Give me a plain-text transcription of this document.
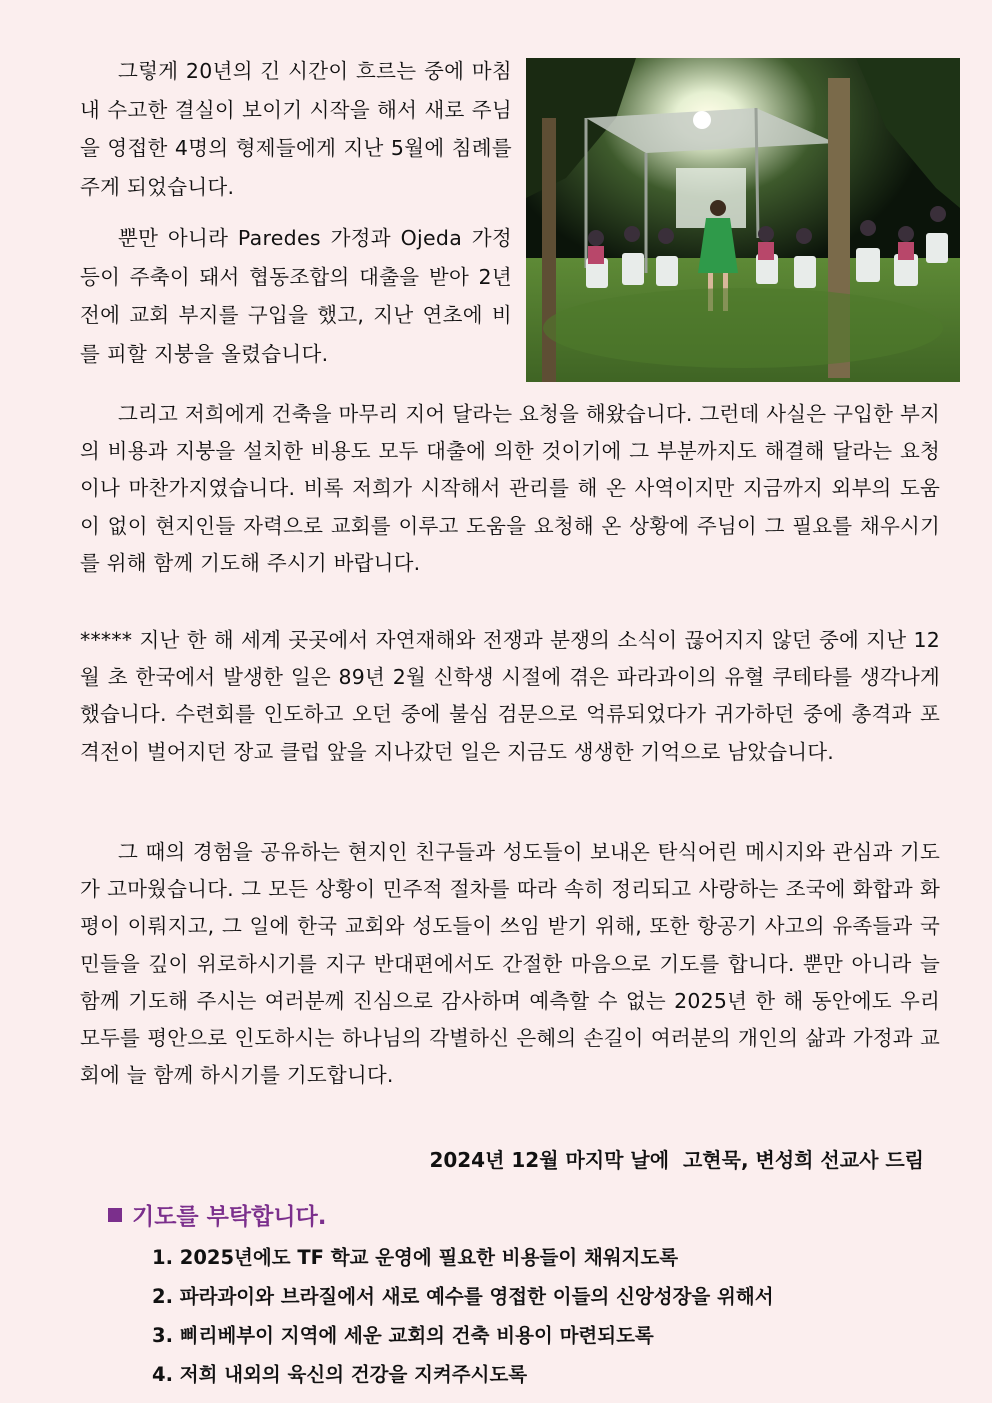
그렇게 20년의 긴 시간이 흐르는 중에 마침내 수고한 결실이 보이기 시작을 해서 새로 주님을 영접한 4명의 형제들에게 지난 5월에 침례를 주게 되었습니다.

뿐만 아니라 Paredes 가정과 Ojeda 가정 등이 주축이 돼서 협동조합의 대출을 받아 2년 전에 교회 부지를 구입을 했고, 지난 연초에 비를 피할 지붕을 올렸습니다.

그리고 저희에게 건축을 마무리 지어 달라는 요청을 해왔습니다. 그런데 사실은 구입한 부지의 비용과 지붕을 설치한 비용도 모두 대출에 의한 것이기에 그 부분까지도 해결해 달라는 요청이나 마찬가지였습니다. 비록 저희가 시작해서 관리를 해 온 사역이지만 지금까지 외부의 도움이 없이 현지인들 자력으로 교회를 이루고 도움을 요청해 온 상황에 주님이 그 필요를 채우시기를 위해 함께 기도해 주시기 바랍니다.

***** 지난 한 해 세계 곳곳에서 자연재해와 전쟁과 분쟁의 소식이 끊어지지 않던 중에 지난 12월 초 한국에서 발생한 일은 89년 2월 신학생 시절에 겪은 파라과이의 유혈 쿠테타를 생각나게 했습니다. 수련회를 인도하고 오던 중에 불심 검문으로 억류되었다가 귀가하던 중에 총격과 포격전이 벌어지던 장교 클럽 앞을 지나갔던 일은 지금도 생생한 기억으로 남았습니다.

그 때의 경험을 공유하는 현지인 친구들과 성도들이 보내온 탄식어린 메시지와 관심과 기도가 고마웠습니다. 그 모든 상황이 민주적 절차를 따라 속히 정리되고 사랑하는 조국에 화합과 화평이 이뤄지고, 그 일에 한국 교회와 성도들이 쓰임 받기 위해, 또한 항공기 사고의 유족들과 국민들을 깊이 위로하시기를 지구 반대편에서도 간절한 마음으로 기도를 합니다. 뿐만 아니라 늘 함께 기도해 주시는 여러분께 진심으로 감사하며 예측할 수 없는 2025년 한 해 동안에도 우리 모두를 평안으로 인도하시는 하나님의 각별하신 은혜의 손길이 여러분의 개인의 삶과 가정과 교회에 늘 함께 하시기를 기도합니다.

2024년 12월 마지막 날에  고현묵, 변성희 선교사 드림
기도를 부탁합니다.
1. 2025년에도 TF 학교 운영에 필요한 비용들이 채워지도록
2. 파라과이와 브라질에서 새로 예수를 영접한 이들의 신앙성장을 위해서
3. 삐리베부이 지역에 세운 교회의 건축 비용이 마련되도록
4. 저희 내외의 육신의 건강을 지켜주시도록
